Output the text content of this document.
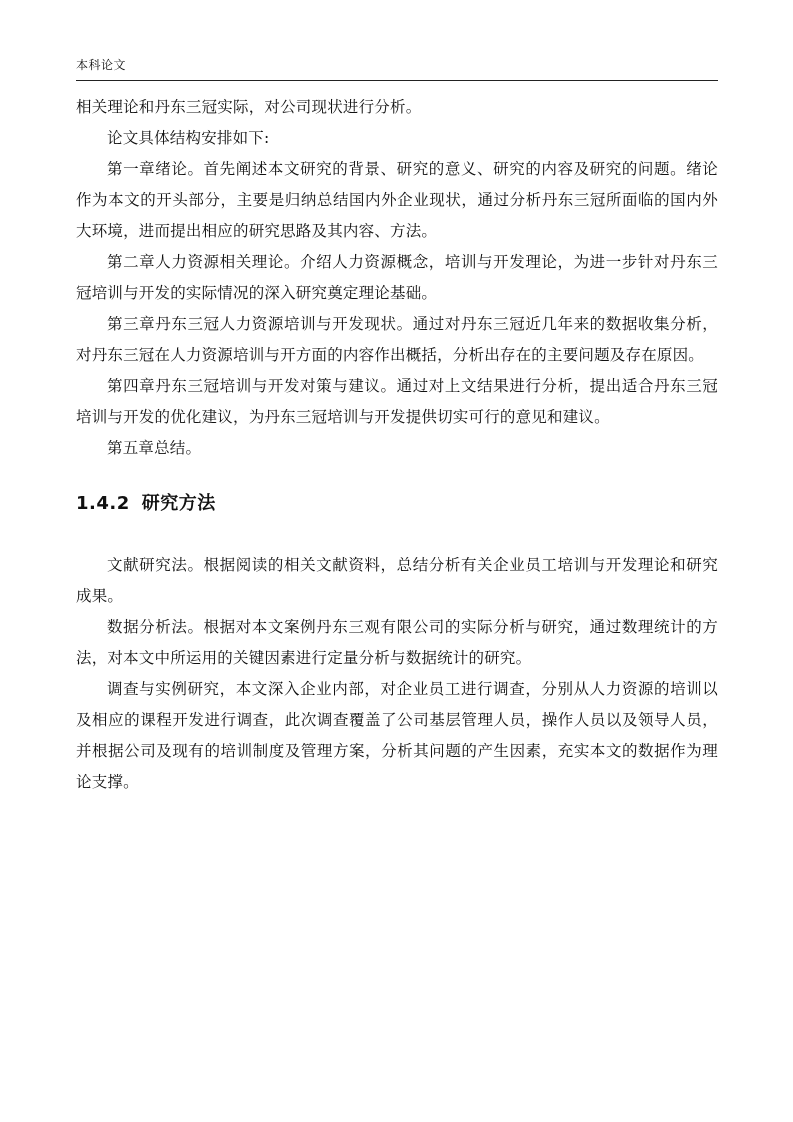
本科论文

相关理论和丹东三冠实际，对公司现状进行分析。

论文具体结构安排如下:

第一章绪论。首先阐述本文研究的背景、研究的意义、研究的内容及研究的问题。绪论作为本文的开头部分，主要是归纳总结国内外企业现状，通过分析丹东三冠所面临的国内外大环境，进而提出相应的研究思路及其内容、方法。

第二章人力资源相关理论。介绍人力资源概念，培训与开发理论，为进一步针对丹东三冠培训与开发的实际情况的深入研究奠定理论基础。

第三章丹东三冠人力资源培训与开发现状。通过对丹东三冠近几年来的数据收集分析，对丹东三冠在人力资源培训与开方面的内容作出概括，分析出存在的主要问题及存在原因。

第四章丹东三冠培训与开发对策与建议。通过对上文结果进行分析，提出适合丹东三冠培训与开发的优化建议，为丹东三冠培训与开发提供切实可行的意见和建议。

第五章总结。

1.4.2 研究方法

文献研究法。根据阅读的相关文献资料，总结分析有关企业员工培训与开发理论和研究成果。

数据分析法。根据对本文案例丹东三观有限公司的实际分析与研究，通过数理统计的方法，对本文中所运用的关键因素进行定量分析与数据统计的研究。

调查与实例研究，本文深入企业内部，对企业员工进行调查，分别从人力资源的培训以及相应的课程开发进行调查，此次调查覆盖了公司基层管理人员，操作人员以及领导人员，并根据公司及现有的培训制度及管理方案，分析其问题的产生因素，充实本文的数据作为理论支撑。
